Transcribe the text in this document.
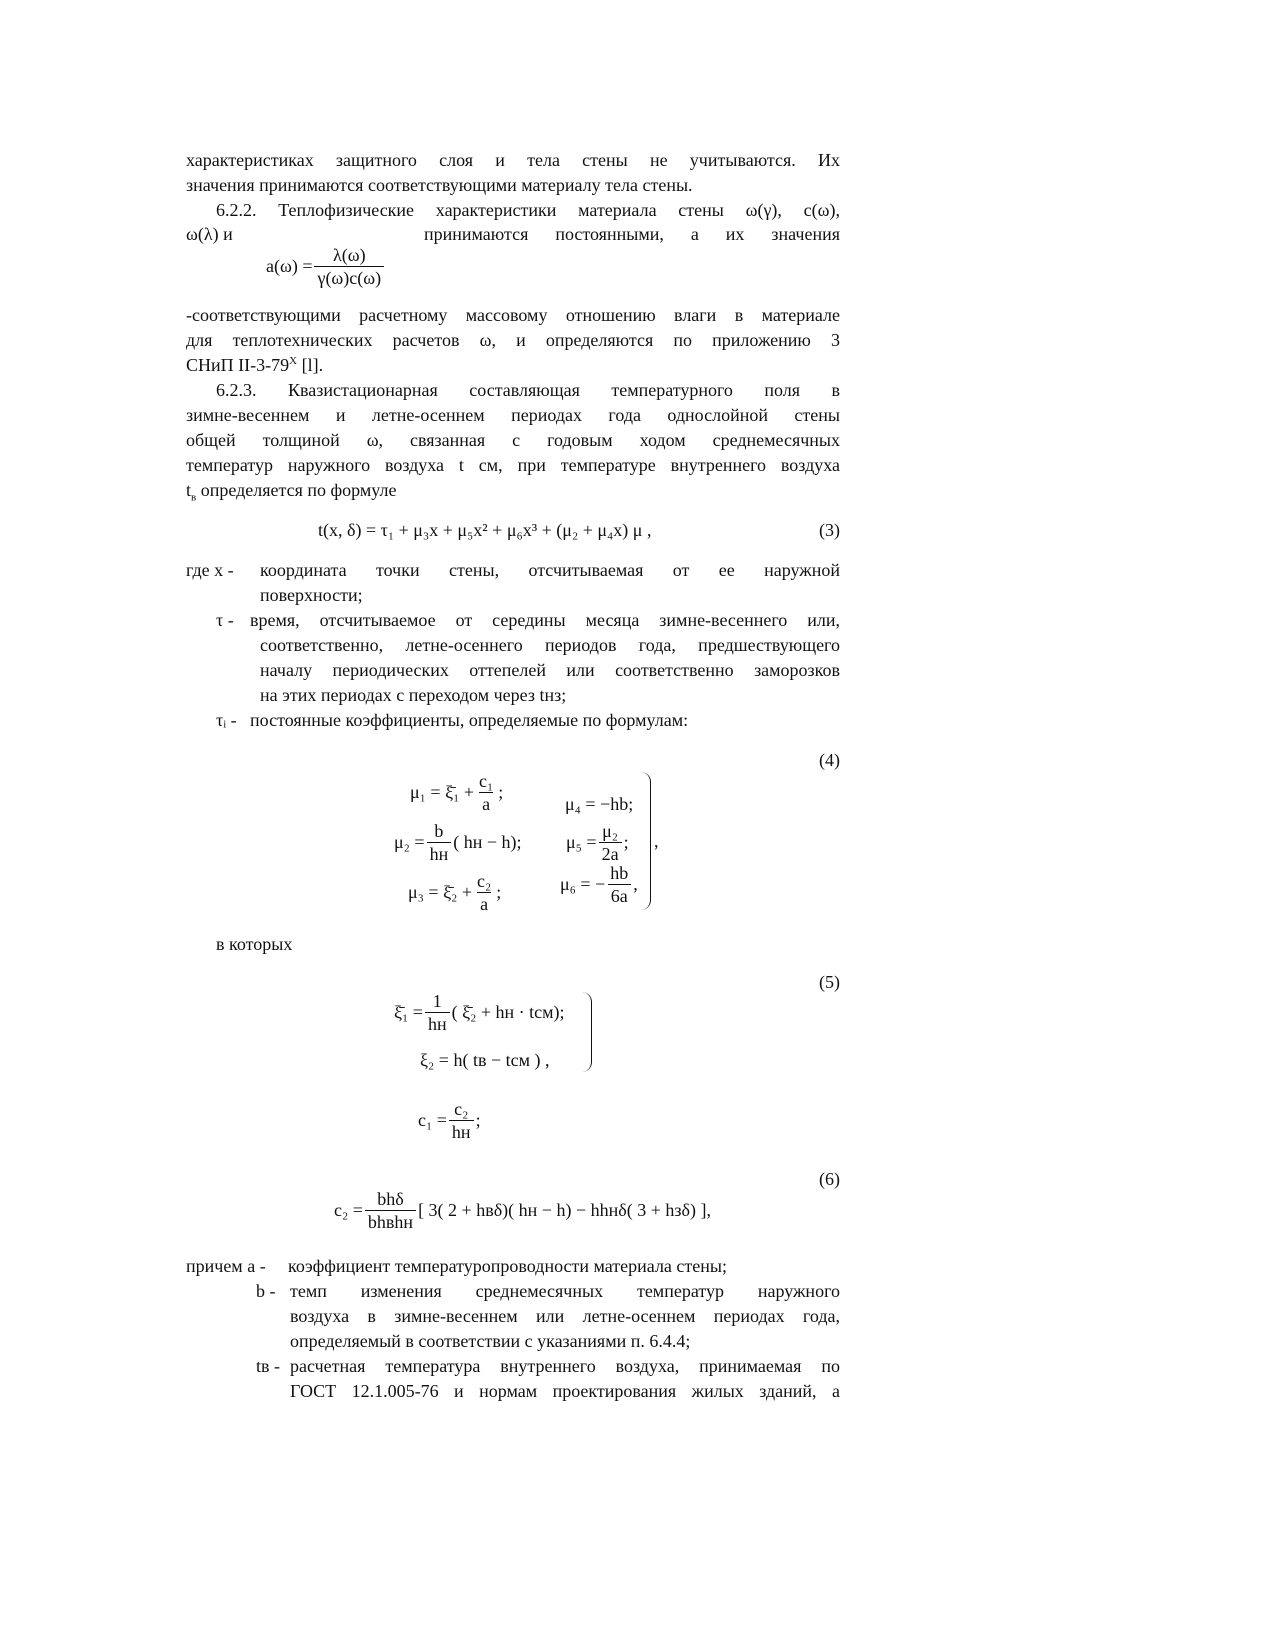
характеристиках защитного слоя и тела стены не учитываются. Их
значения принимаются соответствующими материалу тела стены.
6.2.2. Теплофизические характеристики материала стены ω(γ), c(ω),
ω(λ) и	принимаются постоянными, а их значения
$a(\omega) = \frac{\lambda(\omega)}{\gamma(\omega)c(\omega)}$
-соответствующими расчетному массовому отношению влаги в материале
для теплотехнических расчетов ω, и определяются по приложению 3
СНиП $II-3-79^X$ [l].
6.2.3. Квазистационарная составляющая температурного поля в
зимне-весеннем и летне-осеннем периодах года однослойной стены
общей толщиной ω, связанная с годовым ходом среднемесячных
температур наружного воздуха t см, при температуре внутреннего воздуха
$t_в$ определяется по формуле
t(x, δ) = τ₁ + μ₃x + μ₅x² + μ₆x³ + (μ₂ + μ₄x) μ ,	(3)
где x - координата точки стены, отсчитываемая от ее наружной
поверхности;
τ - время, отсчитываемое от середины месяца зимне-весеннего или,
соответственно, летне-осеннего периодов года, предшествующего
началу периодических оттепелей или соответственно заморозков
на этих периодах с переходом через tнз;
τᵢ - постоянные коэффициенты, определяемые по формулам:
(4)
μ₁ = ξ̄₁ + $\frac{\text{c₁}}{a}$ ;
μ₄ = −hb;
$\mu_2 = \frac{b}{hн}$ ( hн − h); $\mu_5 = \frac{\text{μ₂}}{2a}$ ;
μ₃ = ξ̄₂ + $\frac{\text{c₂}}{a}$ ;	μ₆ = − $\frac{hb}{6a}$ ,
,
в которых
(5)
ξ̄₁ = $\frac{1}{hн}$ ( ξ̄₂ + hн · tсм);
ξ₂ = h( tв − tсм ) ,
$c_1 = \frac{\text{c₂}}{hн}$ ;
(6)
$c_2 = \frac{\text{bhδ}}{\text{bhвhн}}$ [ 3( 2 + hвδ)( hн − h) − hhнδ( 3 + hзδ) ],
причем a - коэффициент температуропроводности материала стены;
b - темп изменения среднемесячных температур наружного
воздуха в зимне-весеннем или летне-осеннем периодах года,
определяемый в соответствии с указаниями п. 6.4.4;
tв - расчетная температура внутреннего воздуха, принимаемая по
ГОСТ 12.1.005-76 и нормам проектирования жилых зданий, а
